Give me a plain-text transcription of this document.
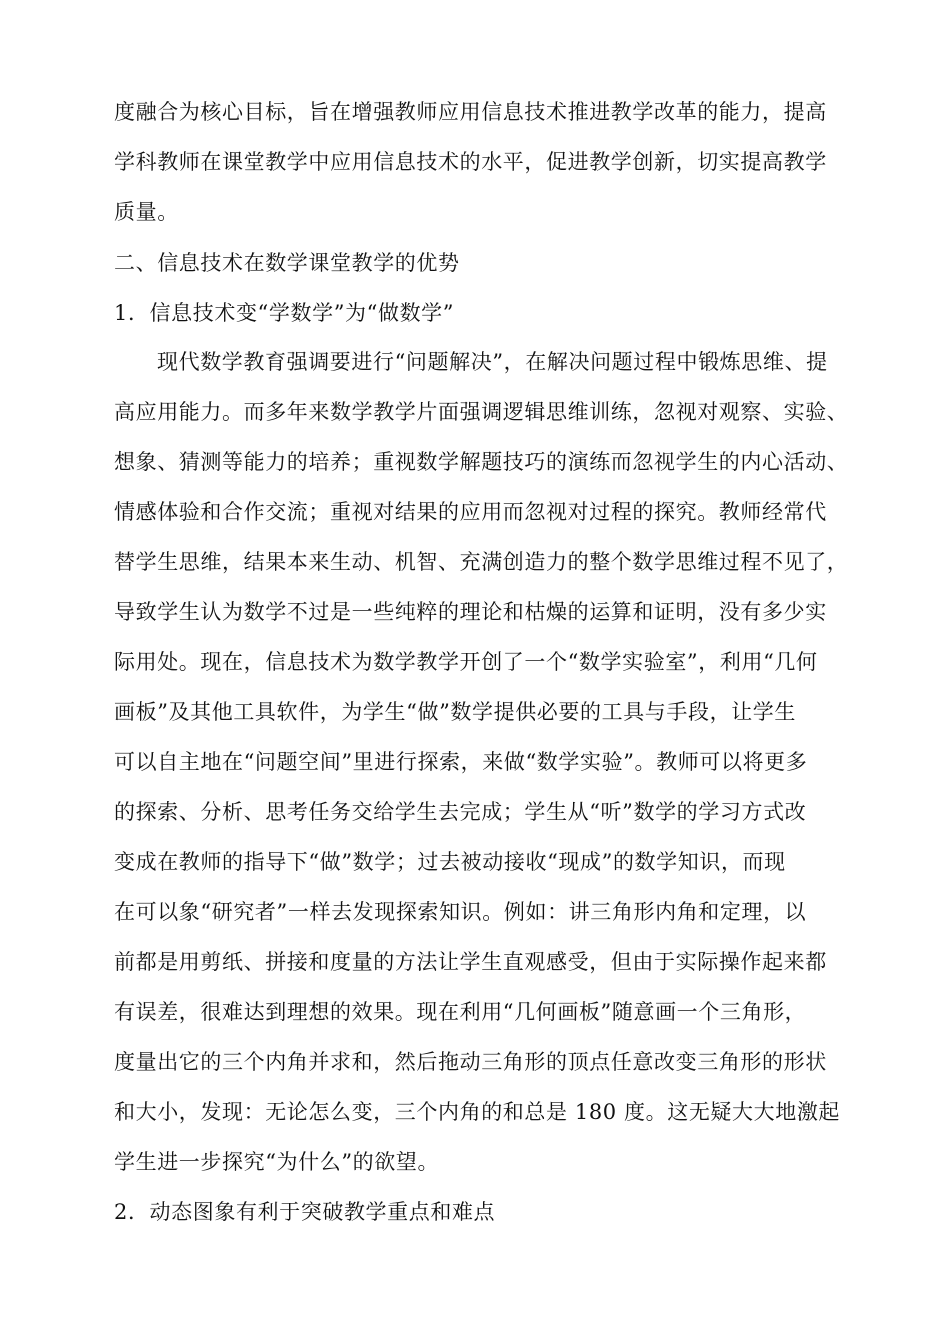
度融合为核心目标，旨在增强教师应用信息技术推进教学改革的能力，提高
学科教师在课堂教学中应用信息技术的水平，促进教学创新，切实提高教学
质量。
二、信息技术在数学课堂教学的优势
1．信息技术变“学数学”为“做数学”
现代数学教育强调要进行“问题解决”，在解决问题过程中锻炼思维、提
高应用能力。而多年来数学教学片面强调逻辑思维训练，忽视对观察、实验、
想象、猜测等能力的培养；重视数学解题技巧的演练而忽视学生的内心活动、
情感体验和合作交流；重视对结果的应用而忽视对过程的探究。教师经常代
替学生思维，结果本来生动、机智、充满创造力的整个数学思维过程不见了，
导致学生认为数学不过是一些纯粹的理论和枯燥的运算和证明，没有多少实
际用处。现在，信息技术为数学教学开创了一个“数学实验室”，利用“几何
画板”及其他工具软件，为学生“做”数学提供必要的工具与手段，让学生
可以自主地在“问题空间”里进行探索，来做“数学实验”。教师可以将更多
的探索、分析、思考任务交给学生去完成；学生从“听”数学的学习方式改
变成在教师的指导下“做”数学；过去被动接收“现成”的数学知识，而现
在可以象“研究者”一样去发现探索知识。例如：讲三角形内角和定理，以
前都是用剪纸、拼接和度量的方法让学生直观感受，但由于实际操作起来都
有误差，很难达到理想的效果。现在利用“几何画板”随意画一个三角形，
度量出它的三个内角并求和，然后拖动三角形的顶点任意改变三角形的形状
和大小，发现：无论怎么变，三个内角的和总是 180 度。这无疑大大地激起
学生进一步探究“为什么”的欲望。
2．动态图象有利于突破教学重点和难点
